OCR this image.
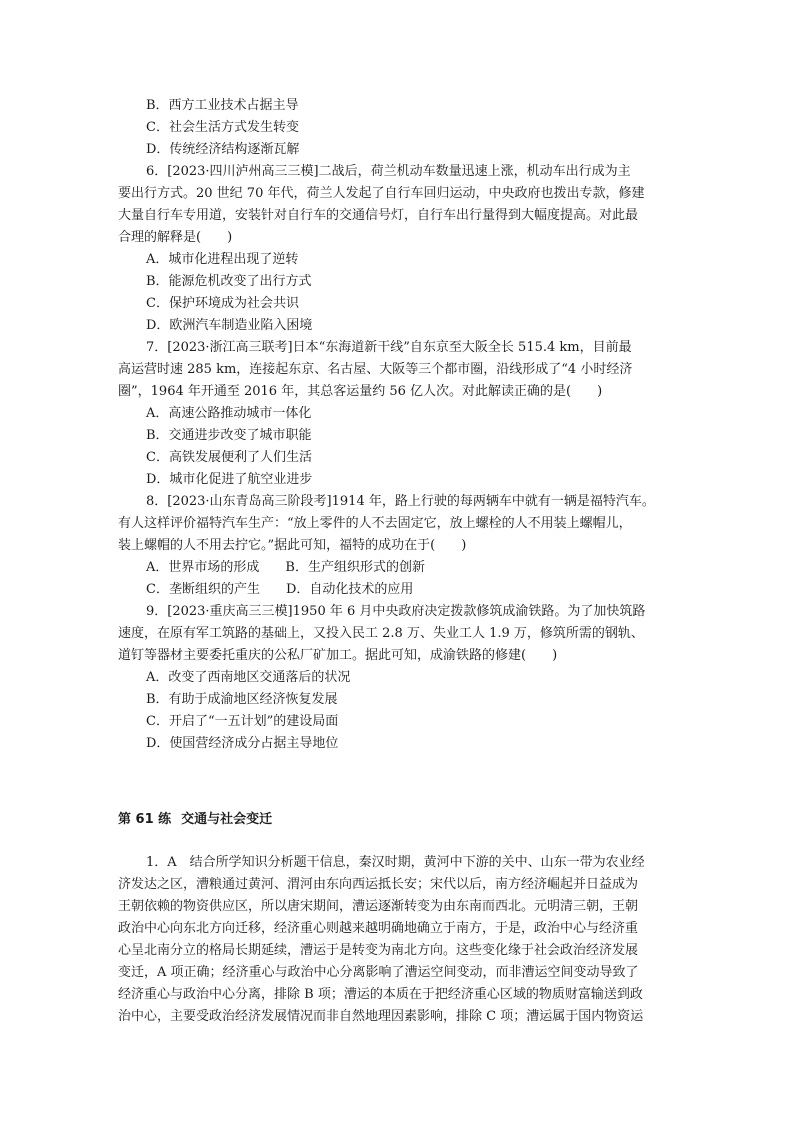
B．西方工业技术占据主导
C．社会生活方式发生转变
D．传统经济结构逐渐瓦解
6．[2023·四川泸州高三三模]二战后，荷兰机动车数量迅速上涨，机动车出行成为主
要出行方式。20 世纪 70 年代，荷兰人发起了自行车回归运动，中央政府也拨出专款，修建
大量自行车专用道，安装针对自行车的交通信号灯，自行车出行量得到大幅度提高。对此最
合理的解释是(　　)
A．城市化进程出现了逆转
B．能源危机改变了出行方式
C．保护环境成为社会共识
D．欧洲汽车制造业陷入困境
7．[2023·浙江高三联考]日本“东海道新干线”自东京至大阪全长 515.4 km，目前最
高运营时速 285 km，连接起东京、名古屋、大阪等三个都市圈，沿线形成了“4 小时经济
圈”，1964 年开通至 2016 年，其总客运量约 56 亿人次。对此解读正确的是(　　)
A．高速公路推动城市一体化
B．交通进步改变了城市职能
C．高铁发展便利了人们生活
D．城市化促进了航空业进步
8．[2023·山东青岛高三阶段考]1914 年，路上行驶的每两辆车中就有一辆是福特汽车。
有人这样评价福特汽车生产：“放上零件的人不去固定它，放上螺栓的人不用装上螺帽儿，
装上螺帽的人不用去拧它。”据此可知，福特的成功在于(　　)
A．世界市场的形成 B．生产组织形式的创新
C．垄断组织的产生 D．自动化技术的应用
9．[2023·重庆高三三模]1950 年 6 月中央政府决定拨款修筑成渝铁路。为了加快筑路
速度，在原有军工筑路的基础上，又投入民工 2.8 万、失业工人 1.9 万，修筑所需的钢轨、
道钉等器材主要委托重庆的公私厂矿加工。据此可知，成渝铁路的修建(　　)
A．改变了西南地区交通落后的状况
B．有助于成渝地区经济恢复发展
C．开启了“一五计划”的建设局面
D．使国营经济成分占据主导地位
第 61 练 交通与社会变迁
1．A　结合所学知识分析题干信息，秦汉时期，黄河中下游的关中、山东一带为农业经
济发达之区，漕粮通过黄河、渭河由东向西运抵长安；宋代以后，南方经济崛起并日益成为
王朝依赖的物资供应区，所以唐宋期间，漕运逐渐转变为由东南而西北。元明清三朝，王朝
政治中心向东北方向迁移，经济重心则越来越明确地确立于南方，于是，政治中心与经济重
心呈北南分立的格局长期延续，漕运于是转变为南北方向。这些变化缘于社会政治经济发展
变迁，A 项正确；经济重心与政治中心分离影响了漕运空间变动，而非漕运空间变动导致了
经济重心与政治中心分离，排除 B 项；漕运的本质在于把经济重心区域的物质财富输送到政
治中心，主要受政治经济发展情况而非自然地理因素影响，排除 C 项；漕运属于国内物资运
